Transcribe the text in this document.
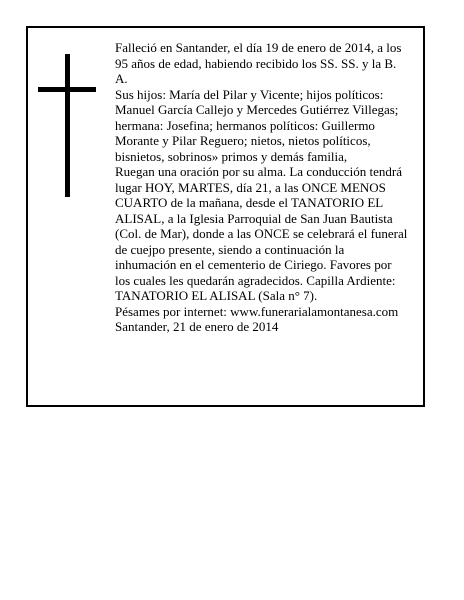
Falleció en Santander, el día 19 de enero de 2014, a los
95 años de edad, habiendo recibido los SS. SS. y la B.
A.
Sus hijos: María del Pilar y Vicente; hijos políticos:
Manuel García Callejo y Mercedes Gutiérrez Villegas;
hermana: Josefina; hermanos políticos: Guillermo
Morante y Pilar Reguero; nietos, nietos políticos,
bisnietos, sobrinos» primos y demás familia,
Ruegan una oración por su alma. La conducción tendrá
lugar HOY, MARTES, día 21, a las ONCE MENOS
CUARTO de la mañana, desde el TANATORIO EL
ALISAL, a la Iglesia Parroquial de San Juan Bautista
(Col. de Mar), donde a las ONCE se celebrará el funeral
de cuejpo presente, siendo a continuación la
inhumación en el cementerio de Ciriego. Favores por
los cuales les quedarán agradecidos. Capilla Ardiente:
TANATORIO EL ALISAL (Sala n° 7).
Pésames por internet: www.funerarialamontanesa.com
Santander, 21 de enero de 2014
